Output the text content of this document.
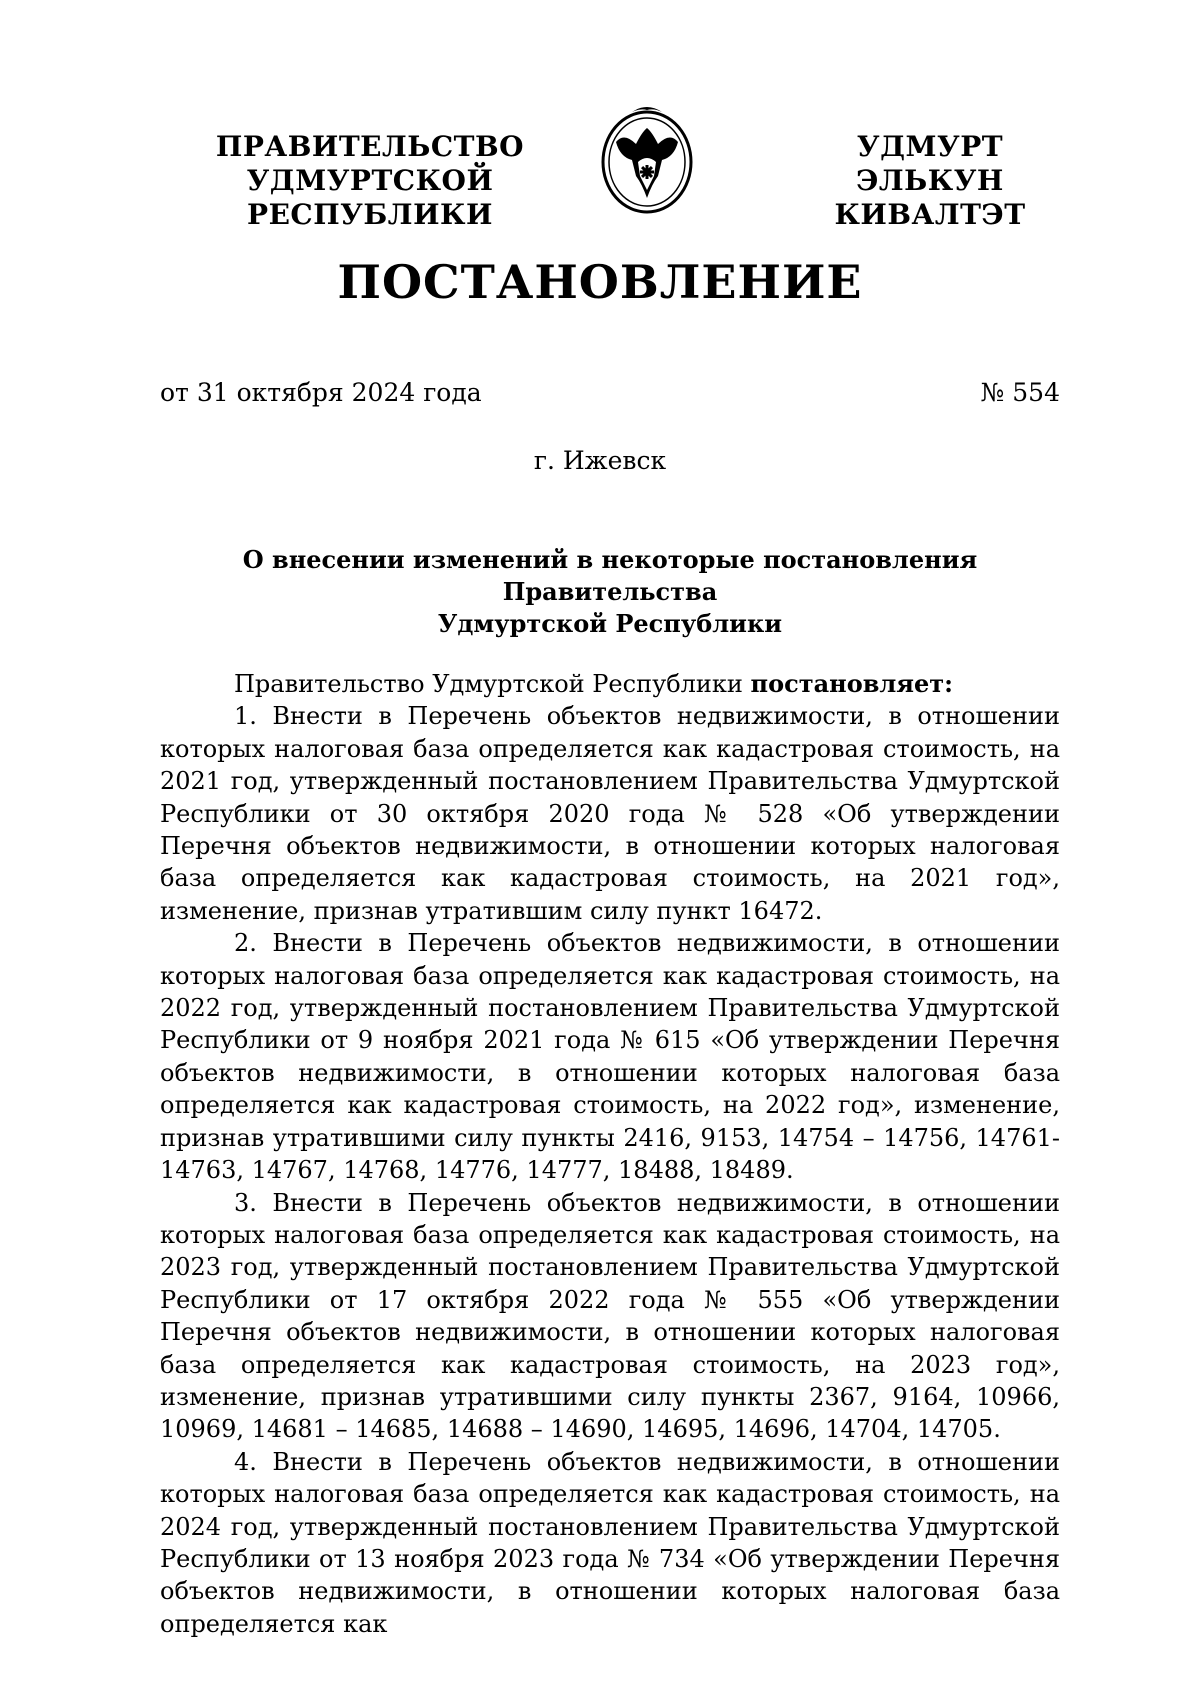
ПРАВИТЕЛЬСТВО
УДМУРТСКОЙ РЕСПУБЛИКИ
УДМУРТ ЭЛЬКУН
КИВАЛТЭТ
ПОСТАНОВЛЕНИЕ
от 31 октября 2024 года	№ 554
г. Ижевск
О внесении изменений в некоторые постановления Правительства
Удмуртской Республики

Правительство Удмуртской Республики постановляет:

1. Внести в Перечень объектов недвижимости, в отношении которых налоговая база определяется как кадастровая стоимость, на 2021 год, утвержденный постановлением Правительства Удмуртской Республики от 30 октября 2020 года № 528 «Об утверждении Перечня объектов недвижимости, в отношении которых налоговая база определяется как кадастровая стоимость, на 2021 год», изменение, признав утратившим силу пункт 16472.

2. Внести в Перечень объектов недвижимости, в отношении которых налоговая база определяется как кадастровая стоимость, на 2022 год, утвержденный постановлением Правительства Удмуртской Республики от 9 ноября 2021 года № 615 «Об утверждении Перечня объектов недвижимости, в отношении которых налоговая база определяется как кадастровая стоимость, на 2022 год», изменение, признав утратившими силу пункты 2416, 9153, 14754 – 14756, 14761-14763, 14767, 14768, 14776, 14777, 18488, 18489.

3. Внести в Перечень объектов недвижимости, в отношении которых налоговая база определяется как кадастровая стоимость, на 2023 год, утвержденный постановлением Правительства Удмуртской Республики от 17 октября 2022 года № 555 «Об утверждении Перечня объектов недвижимости, в отношении которых налоговая база определяется как кадастровая стоимость, на 2023 год», изменение, признав утратившими силу пункты 2367, 9164, 10966, 10969, 14681 – 14685, 14688 – 14690, 14695, 14696, 14704, 14705.

4. Внести в Перечень объектов недвижимости, в отношении которых налоговая база определяется как кадастровая стоимость, на 2024 год, утвержденный постановлением Правительства Удмуртской Республики от 13 ноября 2023 года № 734 «Об утверждении Перечня объектов недвижимости, в отношении которых налоговая база определяется как
